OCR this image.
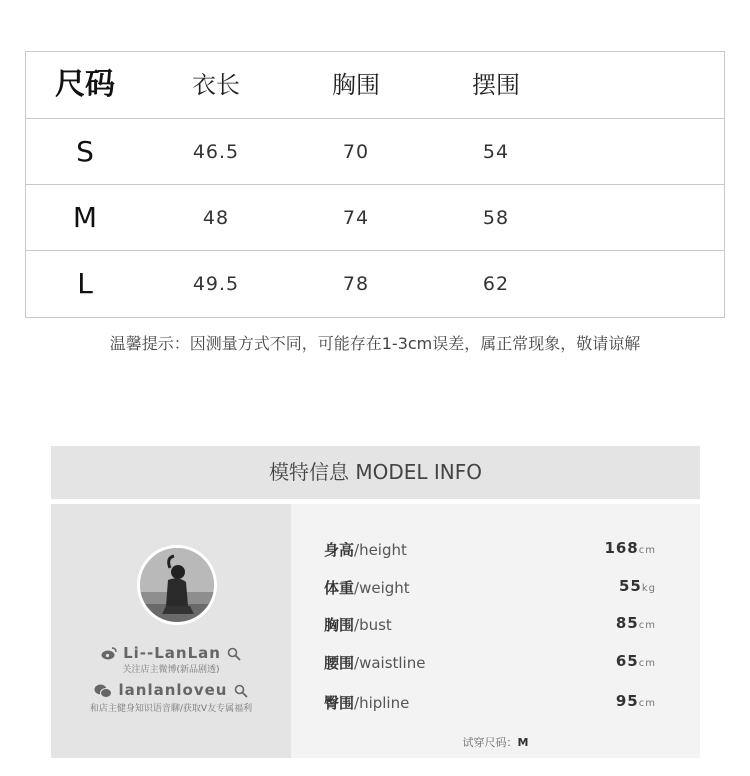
尺码	衣长	胸围	摆围
S	46.5	70	54
M	48	74	58
L	49.5	78	62
温馨提示：因测量方式不同，可能存在1-3cm误差，属正常现象，敬请谅解
模特信息 MODEL INFO
Li--LanLan
关注店主微博(新品剧透)
lanlanloveu
和店主健身知识语音聊/获取V友专属福利
身高/height	168cm
体重/weight	55kg
胸围/bust	85cm
腰围/waistline	65cm
臀围/hipline	95cm
试穿尺码：M
